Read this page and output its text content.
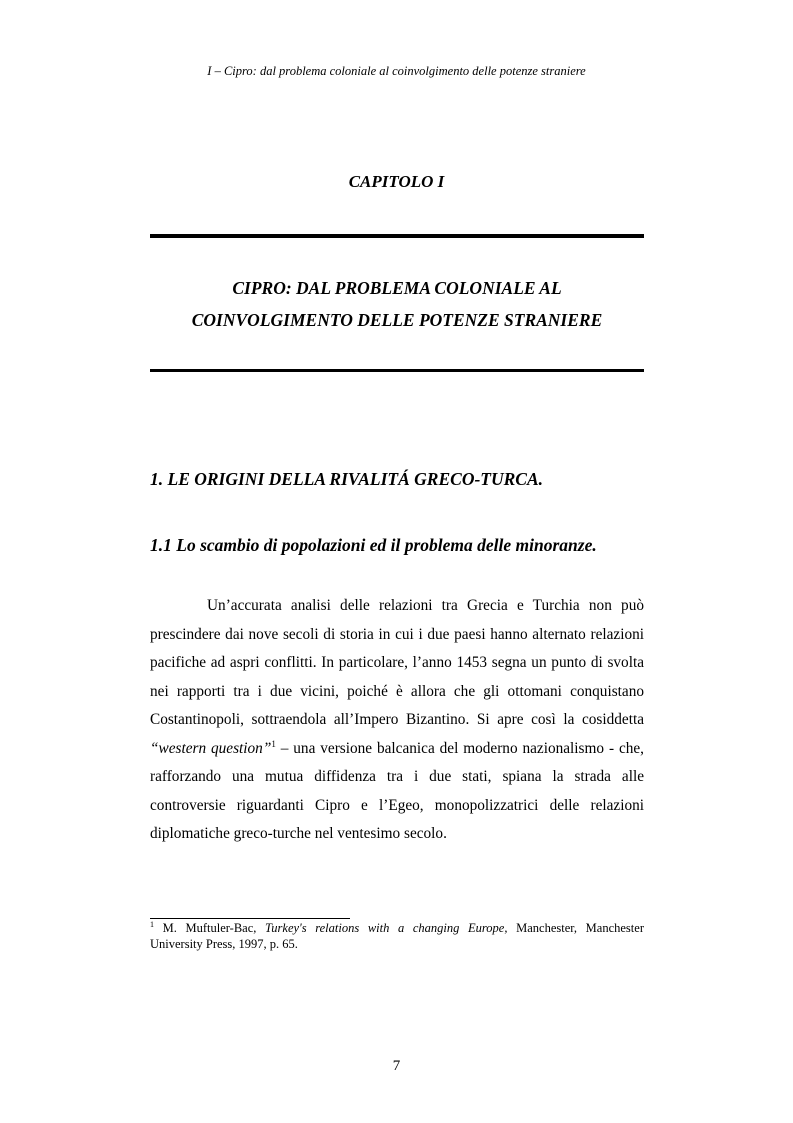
I – Cipro: dal problema coloniale al coinvolgimento delle potenze straniere
CAPITOLO I
CIPRO: DAL PROBLEMA COLONIALE AL
COINVOLGIMENTO DELLE POTENZE STRANIERE
1. LE ORIGINI DELLA RIVALITÁ GRECO-TURCA.
1.1 Lo scambio di popolazioni ed il problema delle minoranze.

Un’accurata analisi delle relazioni tra Grecia e Turchia non può prescindere dai nove secoli di storia in cui i due paesi hanno alternato relazioni pacifiche ad aspri conflitti. In particolare, l’anno 1453 segna un punto di svolta nei rapporti tra i due vicini, poiché è allora che gli ottomani conquistano Costantinopoli, sottraendola all’Impero Bizantino. Si apre così la cosiddetta “western question”$^1$ – una versione balcanica del moderno nazionalismo - che, rafforzando una mutua diffidenza tra i due stati, spiana la strada alle controversie riguardanti Cipro e l’Egeo, monopolizzatrici delle relazioni diplomatiche greco-turche nel ventesimo secolo.

$^1$ M. Muftuler-Bac, Turkey's relations with a changing Europe, Manchester, Manchester University Press, 1997, p. 65.

7
